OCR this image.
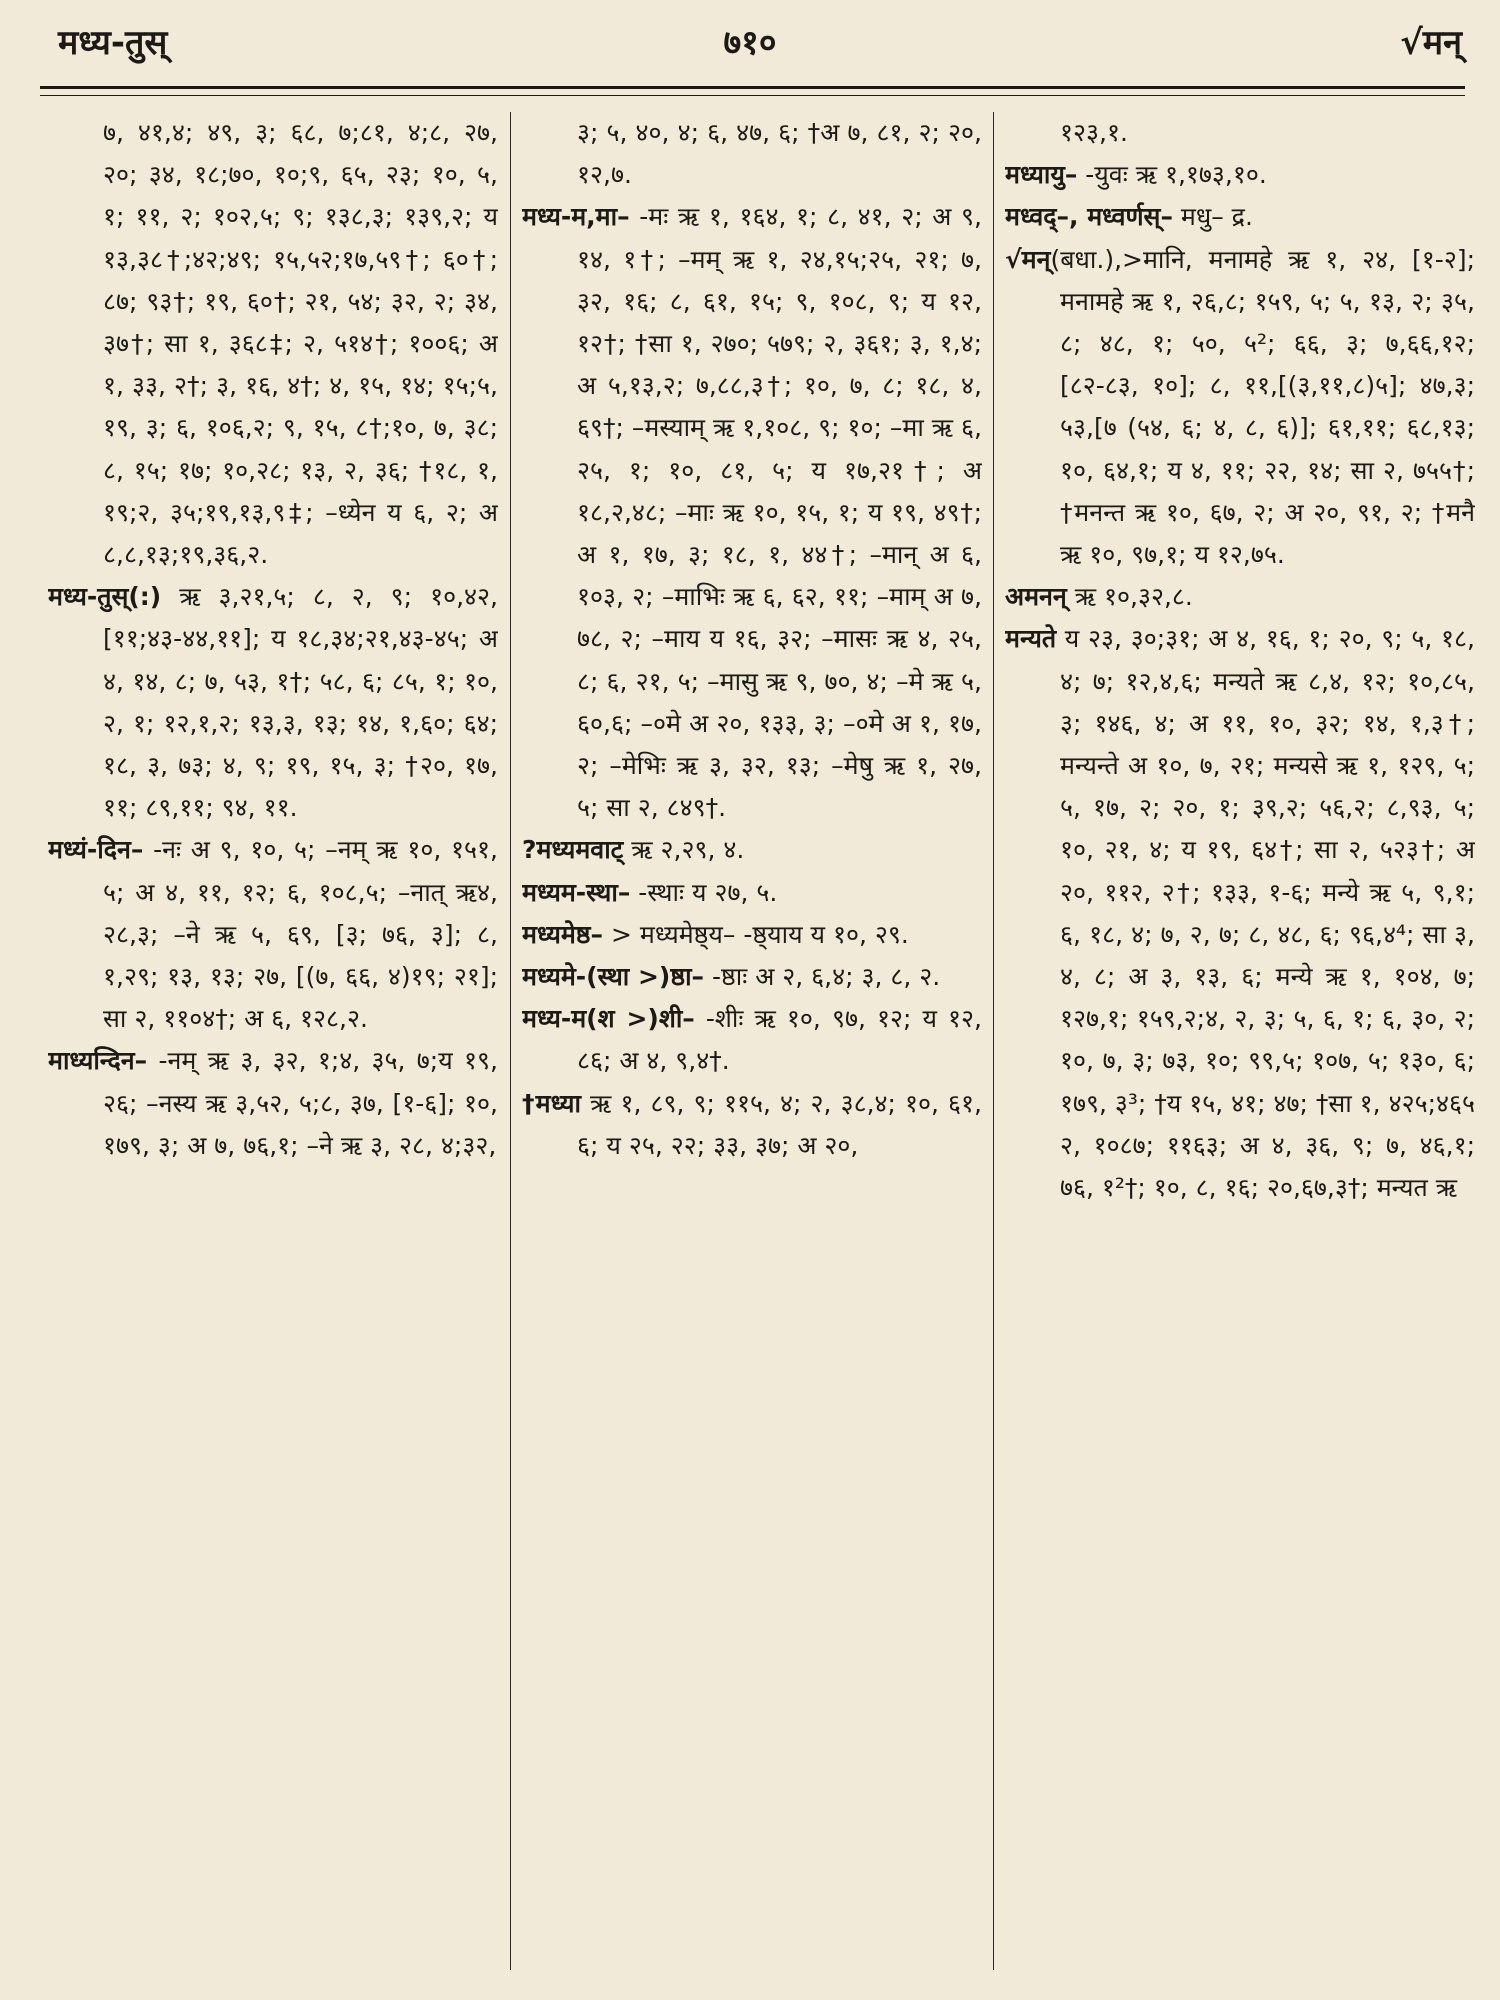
मध्य-तुस्	७१०	√मन्

७, ४१,४; ४९, ३; ६८, ७;८१, ४;८, २७, २०; ३४, १८;७०, १०;९, ६५, २३; १०, ५, १; ११, २; १०२,५; ९; १३८,३; १३९,२; य १३,३८†;४२;४९; १५,५२;१७,५९†; ६०†; ८७; ९३†; १९, ६०†; २१, ५४; ३२, २; ३४, ३७†; सा १, ३६८‡; २, ५१४†; १००६; अ १, ३३, २†; ३, १६, ४†; ४, १५, १४; १५;५, १९, ३; ६, १०६,२; ९, १५, ८†;१०, ७, ३८; ८, १५; १७; १०,२८; १३, २, ३६; †१८, १, १९;२, ३५;१९,१३,९‡; –ध्येन य ६, २; अ ८,८,१३;१९,३६,२.

मध्य-तुस्(:) ऋ ३,२१,५; ८, २, ९; १०,४२,[११;४३-४४,११]; य १८,३४;२१,४३-४५; अ ४, १४, ८; ७, ५३, १†; ५८, ६; ८५, १; १०, २, १; १२,१,२; १३,३, १३; १४, १,६०; ६४; १८, ३, ७३; ४, ९; १९, १५, ३; †२०, १७, ११; ८९,११; ९४, ११.

मध्यं-दिन– -नः अ ९, १०, ५; –नम् ऋ १०, १५१, ५; अ ४, ११, १२; ६, १०८,५; –नात् ऋ४, २८,३; –ने ऋ ५, ६९, [३; ७६, ३]; ८, १,२९; १३, १३; २७, [(७, ६६, ४)१९; २१]; सा २, ११०४†; अ ६, १२८,२.

माध्यन्दिन– -नम् ऋ ३, ३२, १;४, ३५, ७;य १९, २६; –नस्य ऋ ३,५२, ५;८, ३७, [१-६]; १०, १७९, ३; अ ७, ७६,१; –ने ऋ ३, २८, ४;३२,

३; ५, ४०, ४; ६, ४७, ६; †अ ७, ८१, २; २०, १२,७.

मध्य-म,मा– -मः ऋ १, १६४, १; ८, ४१, २; अ ९, १४, १†; –मम् ऋ १, २४,१५;२५, २१; ७, ३२, १६; ८, ६१, १५; ९, १०८, ९; य १२, १२†; †सा १, २७०; ५७९; २, ३६१; ३, १,४; अ ५,१३,२; ७,८८,३†; १०, ७, ८; १८, ४, ६९†; –मस्याम् ऋ १,१०८, ९; १०; –मा ऋ ६, २५, १; १०, ८१, ५; य १७,२१†; अ १८,२,४८; –माः ऋ १०, १५, १; य १९, ४९†; अ १, १७, ३; १८, १, ४४†; –मान् अ ६, १०३, २; –माभिः ऋ ६, ६२, ११; –माम् अ ७, ७८, २; –माय य १६, ३२; –मासः ऋ ४, २५, ८; ६, २१, ५; –मासु ऋ ९, ७०, ४; –मे ऋ ५, ६०,६; –०मे अ २०, १३३, ३; –०मे अ १, १७, २; –मेभिः ऋ ३, ३२, १३; –मेषु ऋ १, २७, ५; सा २, ८४९†.

?मध्यमवाट् ऋ २,२९, ४.

मध्यम-स्था– -स्थाः य २७, ५.

मध्यमेष्ठ– > मध्यमेष्ठ्य– -ष्ठ्याय य १०, २९.

मध्यमे-(स्था >)ष्ठा– -ष्ठाः अ २, ६,४; ३, ८, २.

मध्य-म(श >)शी– -शीः ऋ १०, ९७, १२; य १२, ८६; अ ४, ९,४†.

†मध्या ऋ १, ८९, ९; ११५, ४; २, ३८,४; १०, ६१, ६; य २५, २२; ३३, ३७; अ २०,

१२३,१.

मध्यायु– -युवः ऋ १,१७३,१०.

मध्वद्–, मध्वर्णस्– मधु– द्र.

√मन्(बधा.),>मानि, मनामहे ऋ १, २४, [१-२]; मनामहे ऋ १, २६,८; १५९, ५; ५, १३, २; ३५, ८; ४८, १; ५०, ५²; ६६, ३; ७,६६,१२;[८२-८३, १०]; ८, ११,[(३,११,८)५]; ४७,३; ५३,[७ (५४, ६; ४, ८, ६)]; ६१,११; ६८,१३; १०, ६४,१; य ४, ११; २२, १४; सा २, ७५५†; †मनन्त ऋ १०, ६७, २; अ २०, ९१, २; †मनै ऋ १०, ९७,१; य १२,७५.

अमनन् ऋ १०,३२,८.

मन्यते य २३, ३०;३१; अ ४, १६, १; २०, ९; ५, १८, ४; ७; १२,४,६; मन्यते ऋ ८,४, १२; १०,८५, ३; १४६, ४; अ ११, १०, ३२; १४, १,३†; मन्यन्ते अ १०, ७, २१; मन्यसे ऋ १, १२९, ५; ५, १७, २; २०, १; ३९,२; ५६,२; ८,९३, ५; १०, २१, ४; य १९, ६४†; सा २, ५२३†; अ २०, ११२, २†; १३३, १-६; मन्ये ऋ ५, ९,१; ६, १८, ४; ७, २, ७; ८, ४८, ६; ९६,४⁴; सा ३, ४, ८; अ ३, १३, ६; मन्ये ऋ १, १०४, ७; १२७,१; १५९,२;४, २, ३; ५, ६, १; ६, ३०, २; १०, ७, ३; ७३, १०; ९९,५; १०७, ५; १३०, ६; १७९, ३³; †य १५, ४१; ४७; †सा १, ४२५;४६५ २, १०८७; ११६३; अ ४, ३६, ९; ७, ४६,१; ७६, १²†; १०, ८, १६; २०,६७,३†; मन्यत ऋ
